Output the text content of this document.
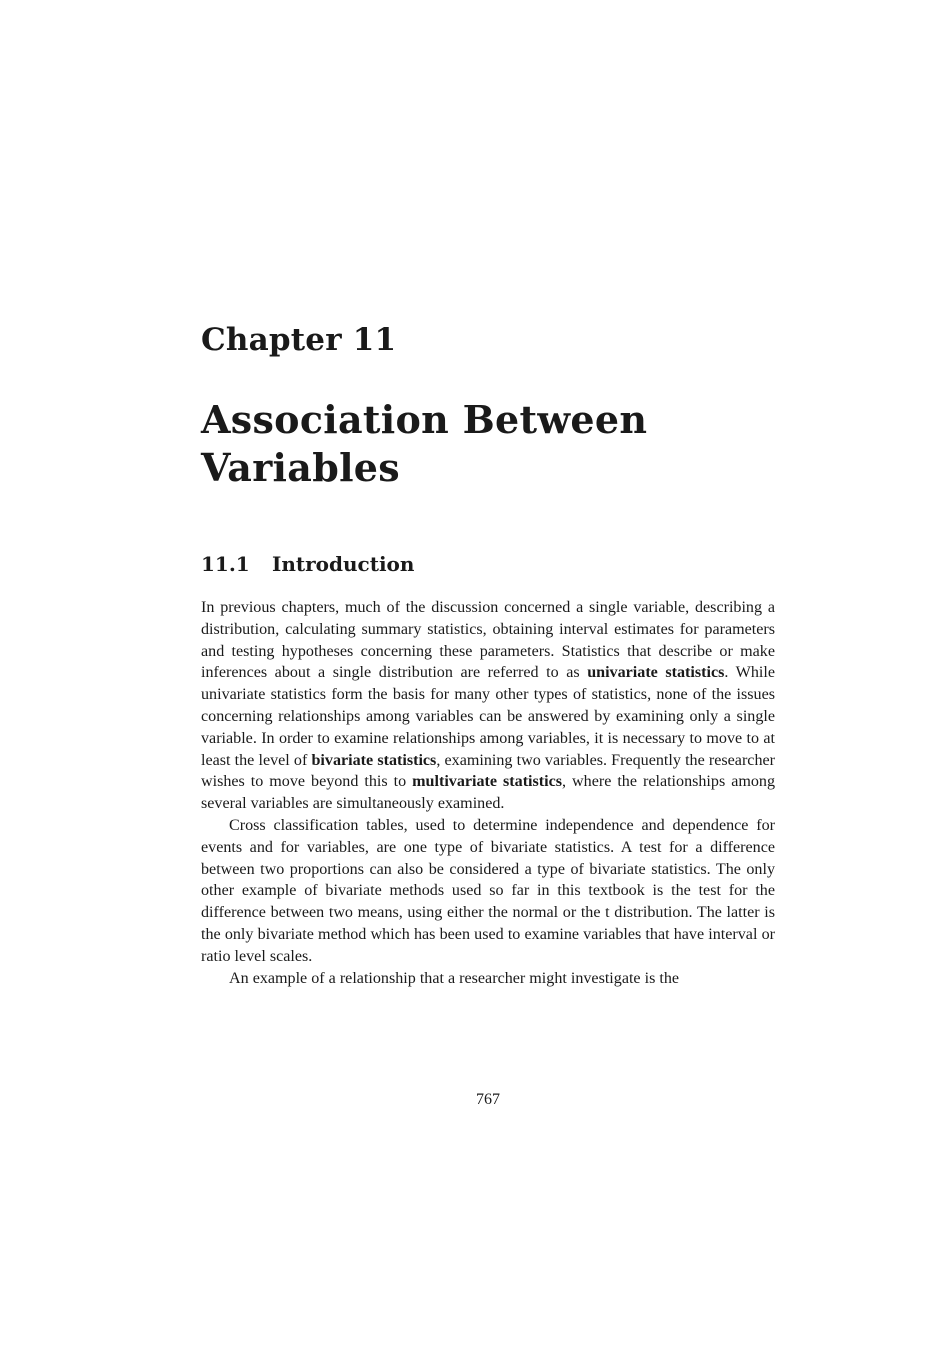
Chapter 11
Association Between
Variables
11.1 Introduction

In previous chapters, much of the discussion concerned a single variable, describing a distribution, calculating summary statistics, obtaining interval estimates for parameters and testing hypotheses concerning these parameters. Statistics that describe or make inferences about a single distribution are referred to as univariate statistics. While univariate statistics form the basis for many other types of statistics, none of the issues concerning relationships among variables can be answered by examining only a single variable. In order to examine relationships among variables, it is necessary to move to at least the level of bivariate statistics, examining two variables. Frequently the researcher wishes to move beyond this to multivariate statistics, where the relationships among several variables are simultaneously examined.

Cross classification tables, used to determine independence and dependence for events and for variables, are one type of bivariate statistics. A test for a difference between two proportions can also be considered a type of bivariate statistics. The only other example of bivariate methods used so far in this textbook is the test for the difference between two means, using either the normal or the t distribution. The latter is the only bivariate method which has been used to examine variables that have interval or ratio level scales.

An example of a relationship that a researcher might investigate is the

767
